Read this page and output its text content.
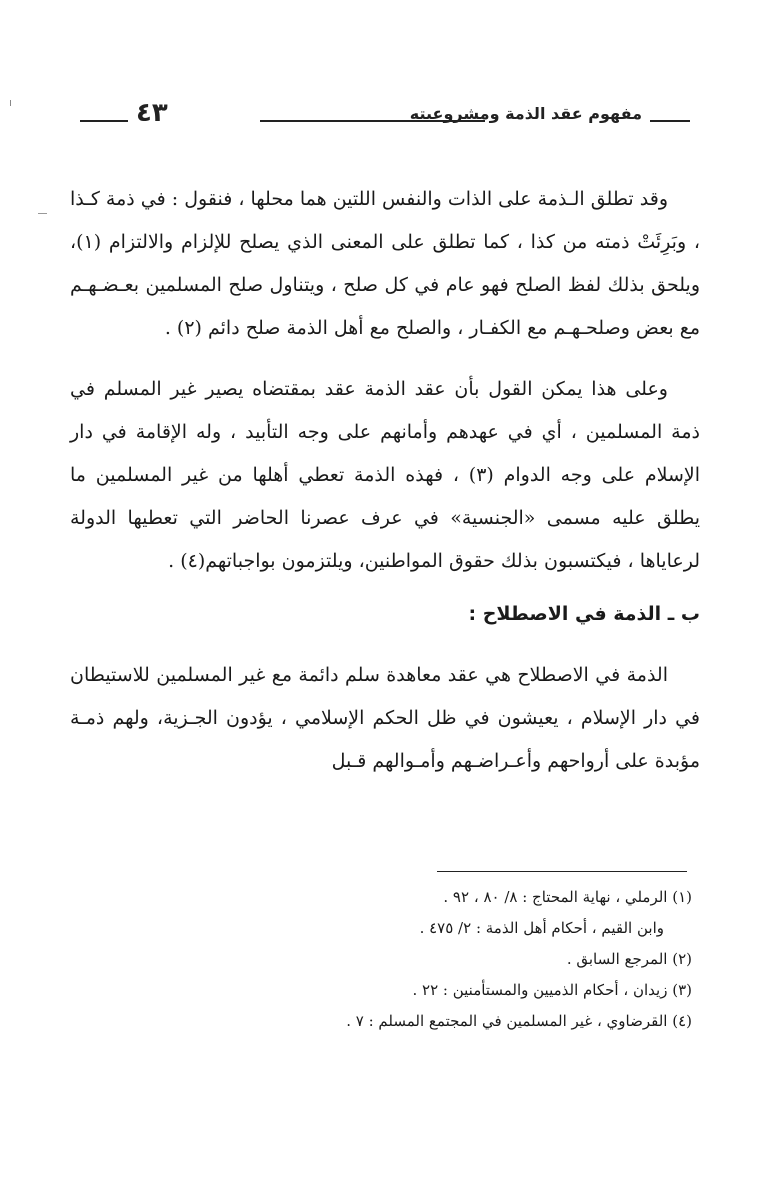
مفهوم عقد الذمة ومشروعيته
٤٣

وقد تطلق الـذمة على الذات والنفس اللتين هما محلها ، فنقول : في ذمة كـذا ، وبَرِئَتْ ذمته من كذا ، كما تطلق على المعنى الذي يصلح للإلزام والالتزام (١)، ويلحق بذلك لفظ الصلح فهو عام في كل صلح ، ويتناول صلح المسلمين بعـضـهـم مع بعض وصلحـهـم مع الكفـار ، والصلح مع أهل الذمة صلح دائم (٢) .

وعلى هذا يمكن القول بأن عقد الذمة عقد بمقتضاه يصير غير المسلم في ذمة المسلمين ، أي في عهدهم وأمانهم على وجه التأبيد ، وله الإقامة في دار الإسلام على وجه الدوام (٣) ، فهذه الذمة تعطي أهلها من غير المسلمين ما يطلق عليه مسمى «الجنسية» في عرف عصرنا الحاضر التي تعطيها الدولة لرعاياها ، فيكتسبون بذلك حقوق المواطنين، ويلتزمون بواجباتهم(٤) .

ب ـ الذمة في الاصطلاح :

الذمة في الاصطلاح هي عقد معاهدة سلم دائمة مع غير المسلمين للاستيطان في دار الإسلام ، يعيشون في ظل الحكم الإسلامي ، يؤدون الجـزية، ولهم ذمـة مؤبدة على أرواحهم وأعـراضـهم وأمـوالهم قـبل

(١) الرملي ، نهاية المحتاج : ٨/ ٨٠ ، ٩٢ .

وابن القيم ، أحكام أهل الذمة : ٢/ ٤٧٥ .

(٢) المرجع السابق .

(٣) زيدان ، أحكام الذميين والمستأمنين : ٢٢ .

(٤) القرضاوي ، غير المسلمين في المجتمع المسلم : ٧ .
